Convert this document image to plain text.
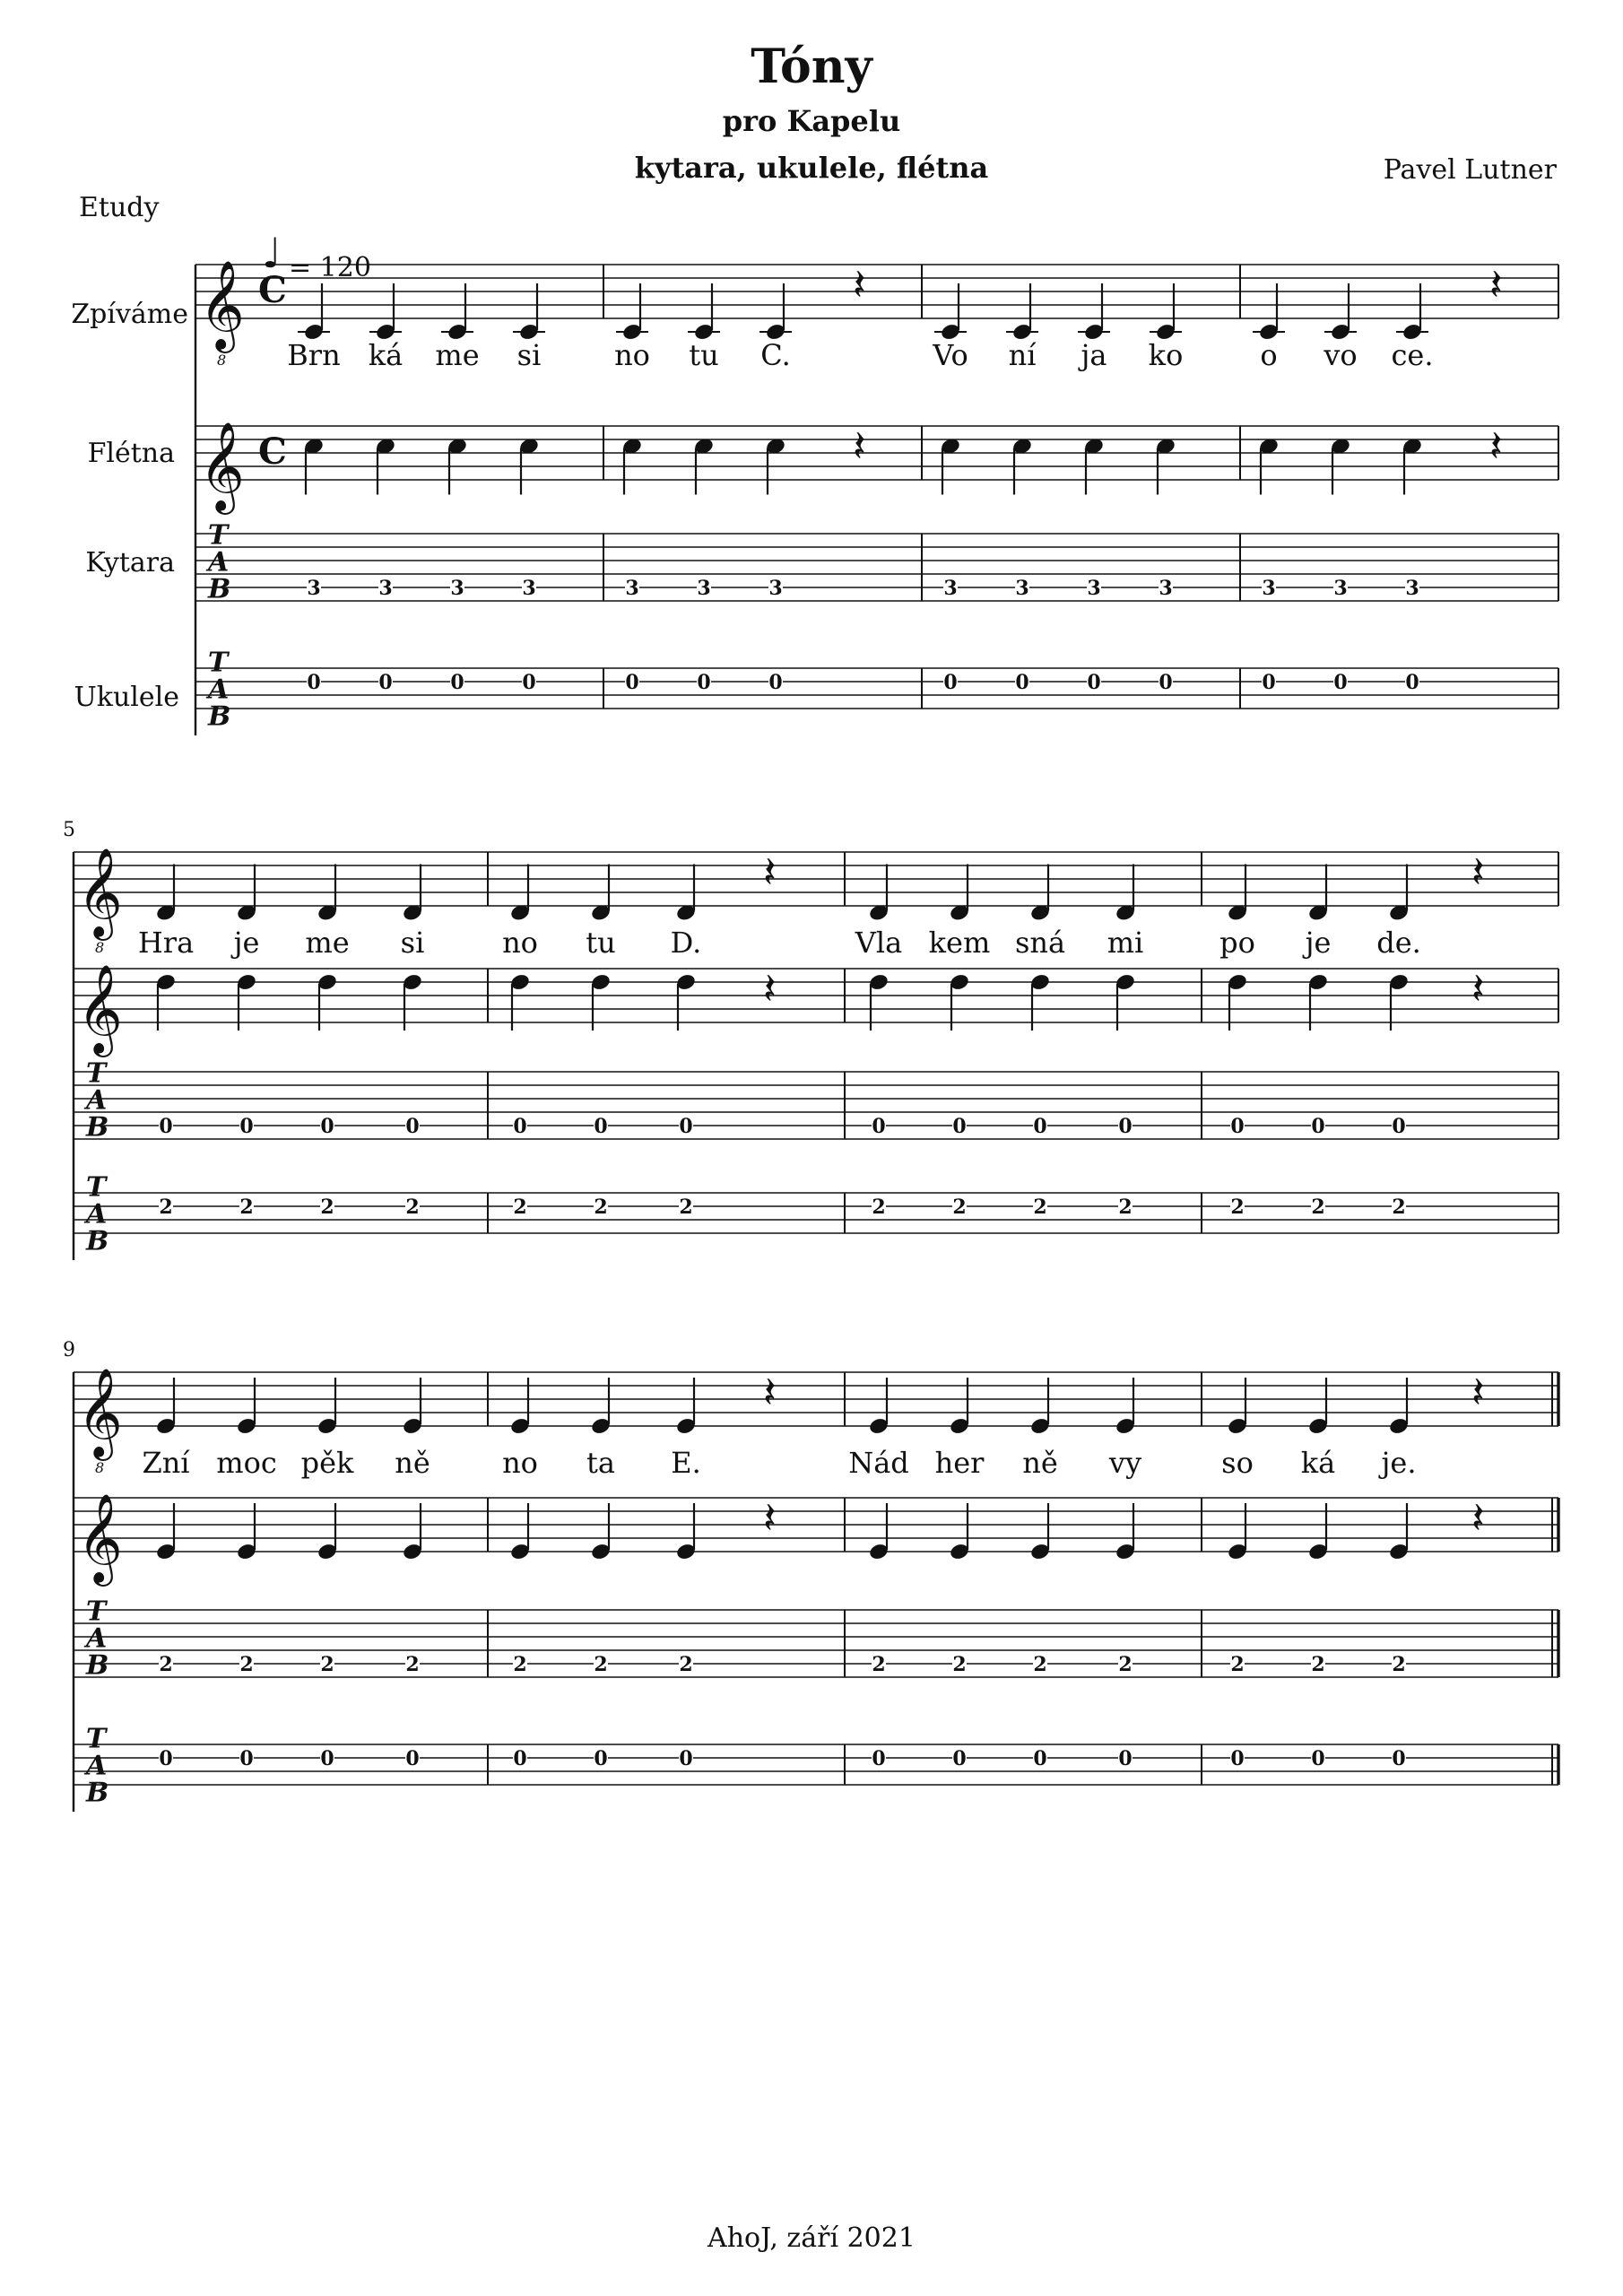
Tóny
pro Kapelu
kytara, ukulele, flétna	Pavel Lutner
Etudy
AhoJ, září 2021
Zpíváme
Flétna
Kytara
Ukulele
♩ = 120
𝄞
8
𝄞
T
A
B
T
A
B
C
C
Brn
3
0
ká
3
0
me
3
0
si
3
0
no
3
0
tu
3
0
C.
3
0
𝄽
𝄽
Vo
3
0
ní
3
0
ja
3
0
ko
3
0
o
3
0
vo
3
0
ce.
3
0
𝄽
𝄽
5
𝄞
8
𝄞
T
A
B
T
A
B
Hra
0
2
je
0
2
me
0
2
si
0
2
no
0
2
tu
0
2
D.
0
2
𝄽
𝄽
Vla
0
2
kem
0
2
sná
0
2
mi
0
2
po
0
2
je
0
2
de.
0
2
𝄽
𝄽
9
𝄞
8
𝄞
T
A
B
T
A
B
Zní
2
0
moc
2
0
pěk
2
0
ně
2
0
no
2
0
ta
2
0
E.
2
0
𝄽
𝄽
Nád
2
0
her
2
0
ně
2
0
vy
2
0
so
2
0
ká
2
0
je.
2
0
𝄽
𝄽
